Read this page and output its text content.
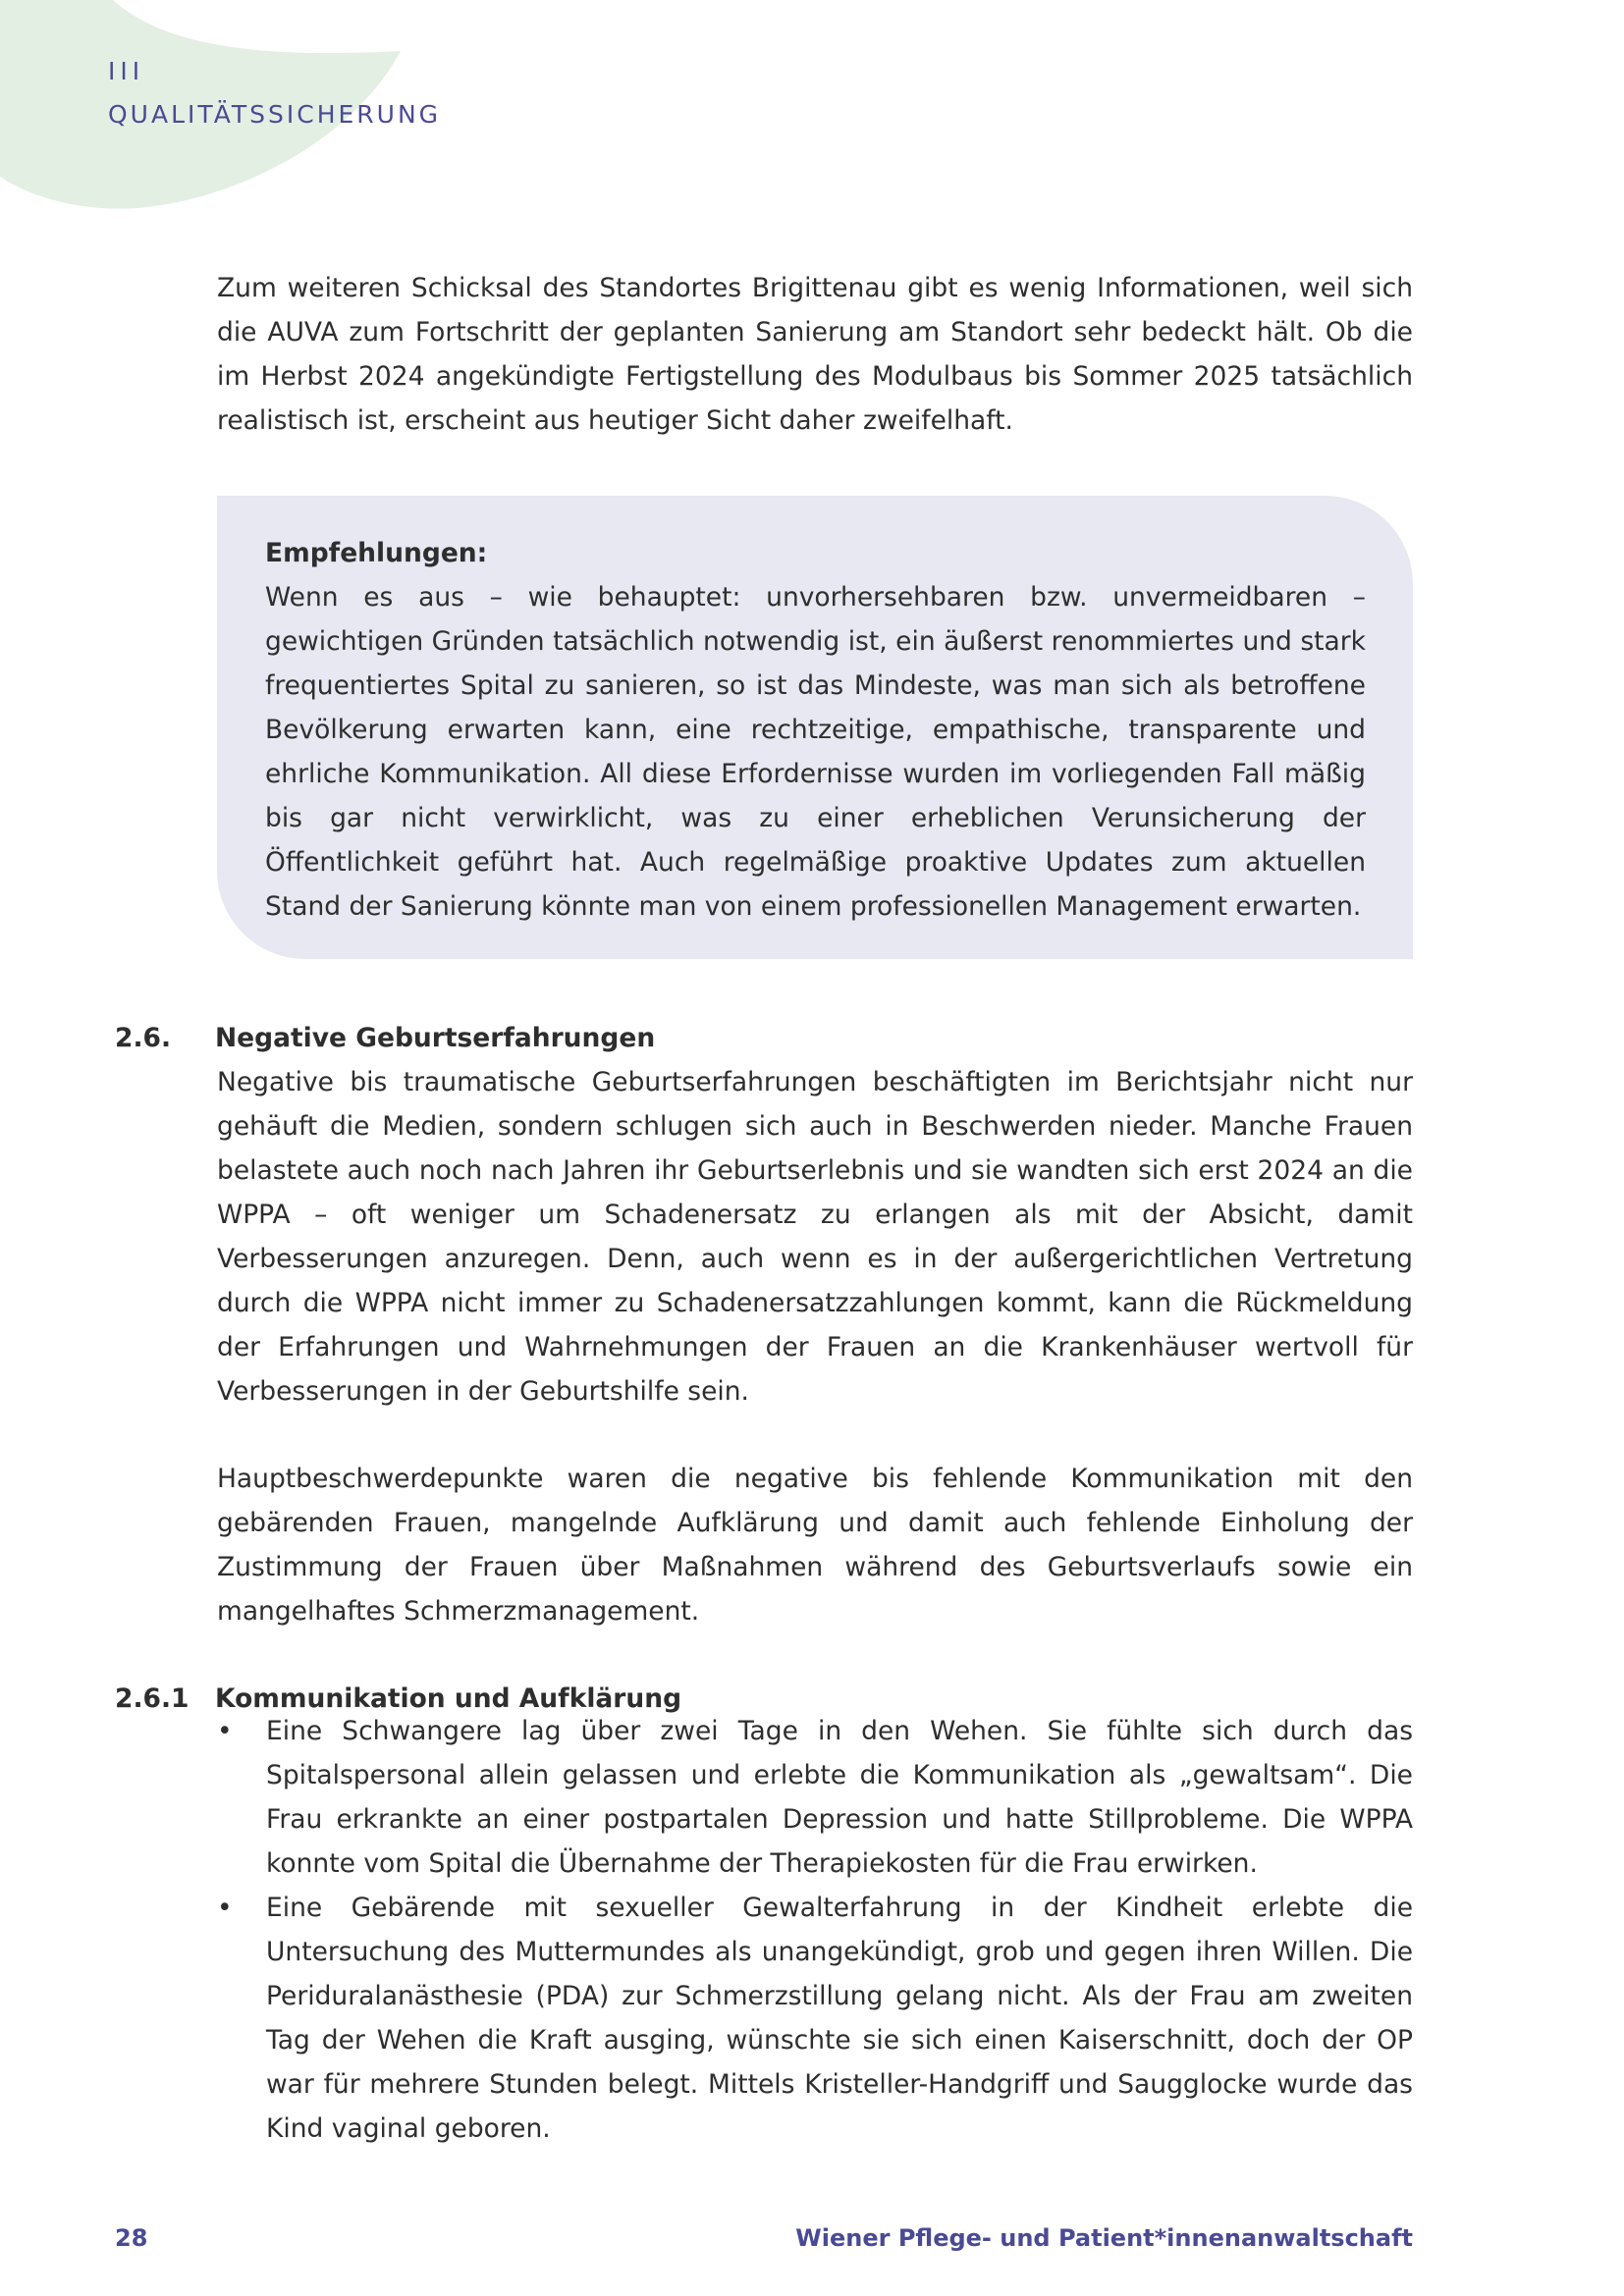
III
QUALITÄTSSICHERUNG

Zum weiteren Schicksal des Standortes Brigittenau gibt es wenig Informationen, weil sich die AUVA zum Fortschritt der geplanten Sanierung am Standort sehr bedeckt hält. Ob die im Herbst 2024 angekündigte Fertigstellung des Modulbaus bis Sommer 2025 tatsächlich realistisch ist, erscheint aus heutiger Sicht daher zweifelhaft.

Empfehlungen:

Wenn es aus – wie behauptet: unvorhersehbaren bzw. unvermeidbaren – gewichtigen Gründen tatsächlich notwendig ist, ein äußerst renommiertes und stark frequentiertes Spital zu sanieren, so ist das Mindeste, was man sich als betroffene Bevölkerung erwarten kann, eine rechtzeitige, empathische, transparente und ehrliche Kommunikation. All diese Erfordernisse wurden im vorliegenden Fall mäßig bis gar nicht verwirklicht, was zu einer erheblichen Verunsicherung der Öffentlichkeit geführt hat. Auch regelmäßige proaktive Updates zum aktuellen Stand der Sanierung könnte man von einem professionellen Management erwarten.

2.6. Negative Geburtserfahrungen

Negative bis traumatische Geburtserfahrungen beschäftigten im Berichtsjahr nicht nur gehäuft die Medien, sondern schlugen sich auch in Beschwerden nieder. Manche Frauen belastete auch noch nach Jahren ihr Geburtserlebnis und sie wandten sich erst 2024 an die WPPA – oft weniger um Schadenersatz zu erlangen als mit der Absicht, damit Verbesserungen anzuregen. Denn, auch wenn es in der außergerichtlichen Vertretung durch die WPPA nicht immer zu Schadenersatzzahlungen kommt, kann die Rückmeldung der Erfahrungen und Wahrnehmungen der Frauen an die Krankenhäuser wertvoll für Verbesserungen in der Geburtshilfe sein.

Hauptbeschwerdepunkte waren die negative bis fehlende Kommunikation mit den gebärenden Frauen, mangelnde Aufklärung und damit auch fehlende Einholung der Zustimmung der Frauen über Maßnahmen während des Geburtsverlaufs sowie ein mangelhaftes Schmerzmanagement.

2.6.1 Kommunikation und Aufklärung
• Eine Schwangere lag über zwei Tage in den Wehen. Sie fühlte sich durch das Spitalspersonal allein gelassen und erlebte die Kommunikation als „gewaltsam“. Die Frau erkrankte an einer postpartalen Depression und hatte Stillprobleme. Die WPPA konnte vom Spital die Übernahme der Therapiekosten für die Frau erwirken.
• Eine Gebärende mit sexueller Gewalterfahrung in der Kindheit erlebte die Untersuchung des Muttermundes als unangekündigt, grob und gegen ihren Willen. Die Periduralanästhesie (PDA) zur Schmerzstillung gelang nicht. Als der Frau am zweiten Tag der Wehen die Kraft ausging, wünschte sie sich einen Kaiserschnitt, doch der OP war für mehrere Stunden belegt. Mittels Kristeller-Handgriff und Saugglocke wurde das Kind vaginal geboren.
28	Wiener Pflege- und Patient*innenanwaltschaft
